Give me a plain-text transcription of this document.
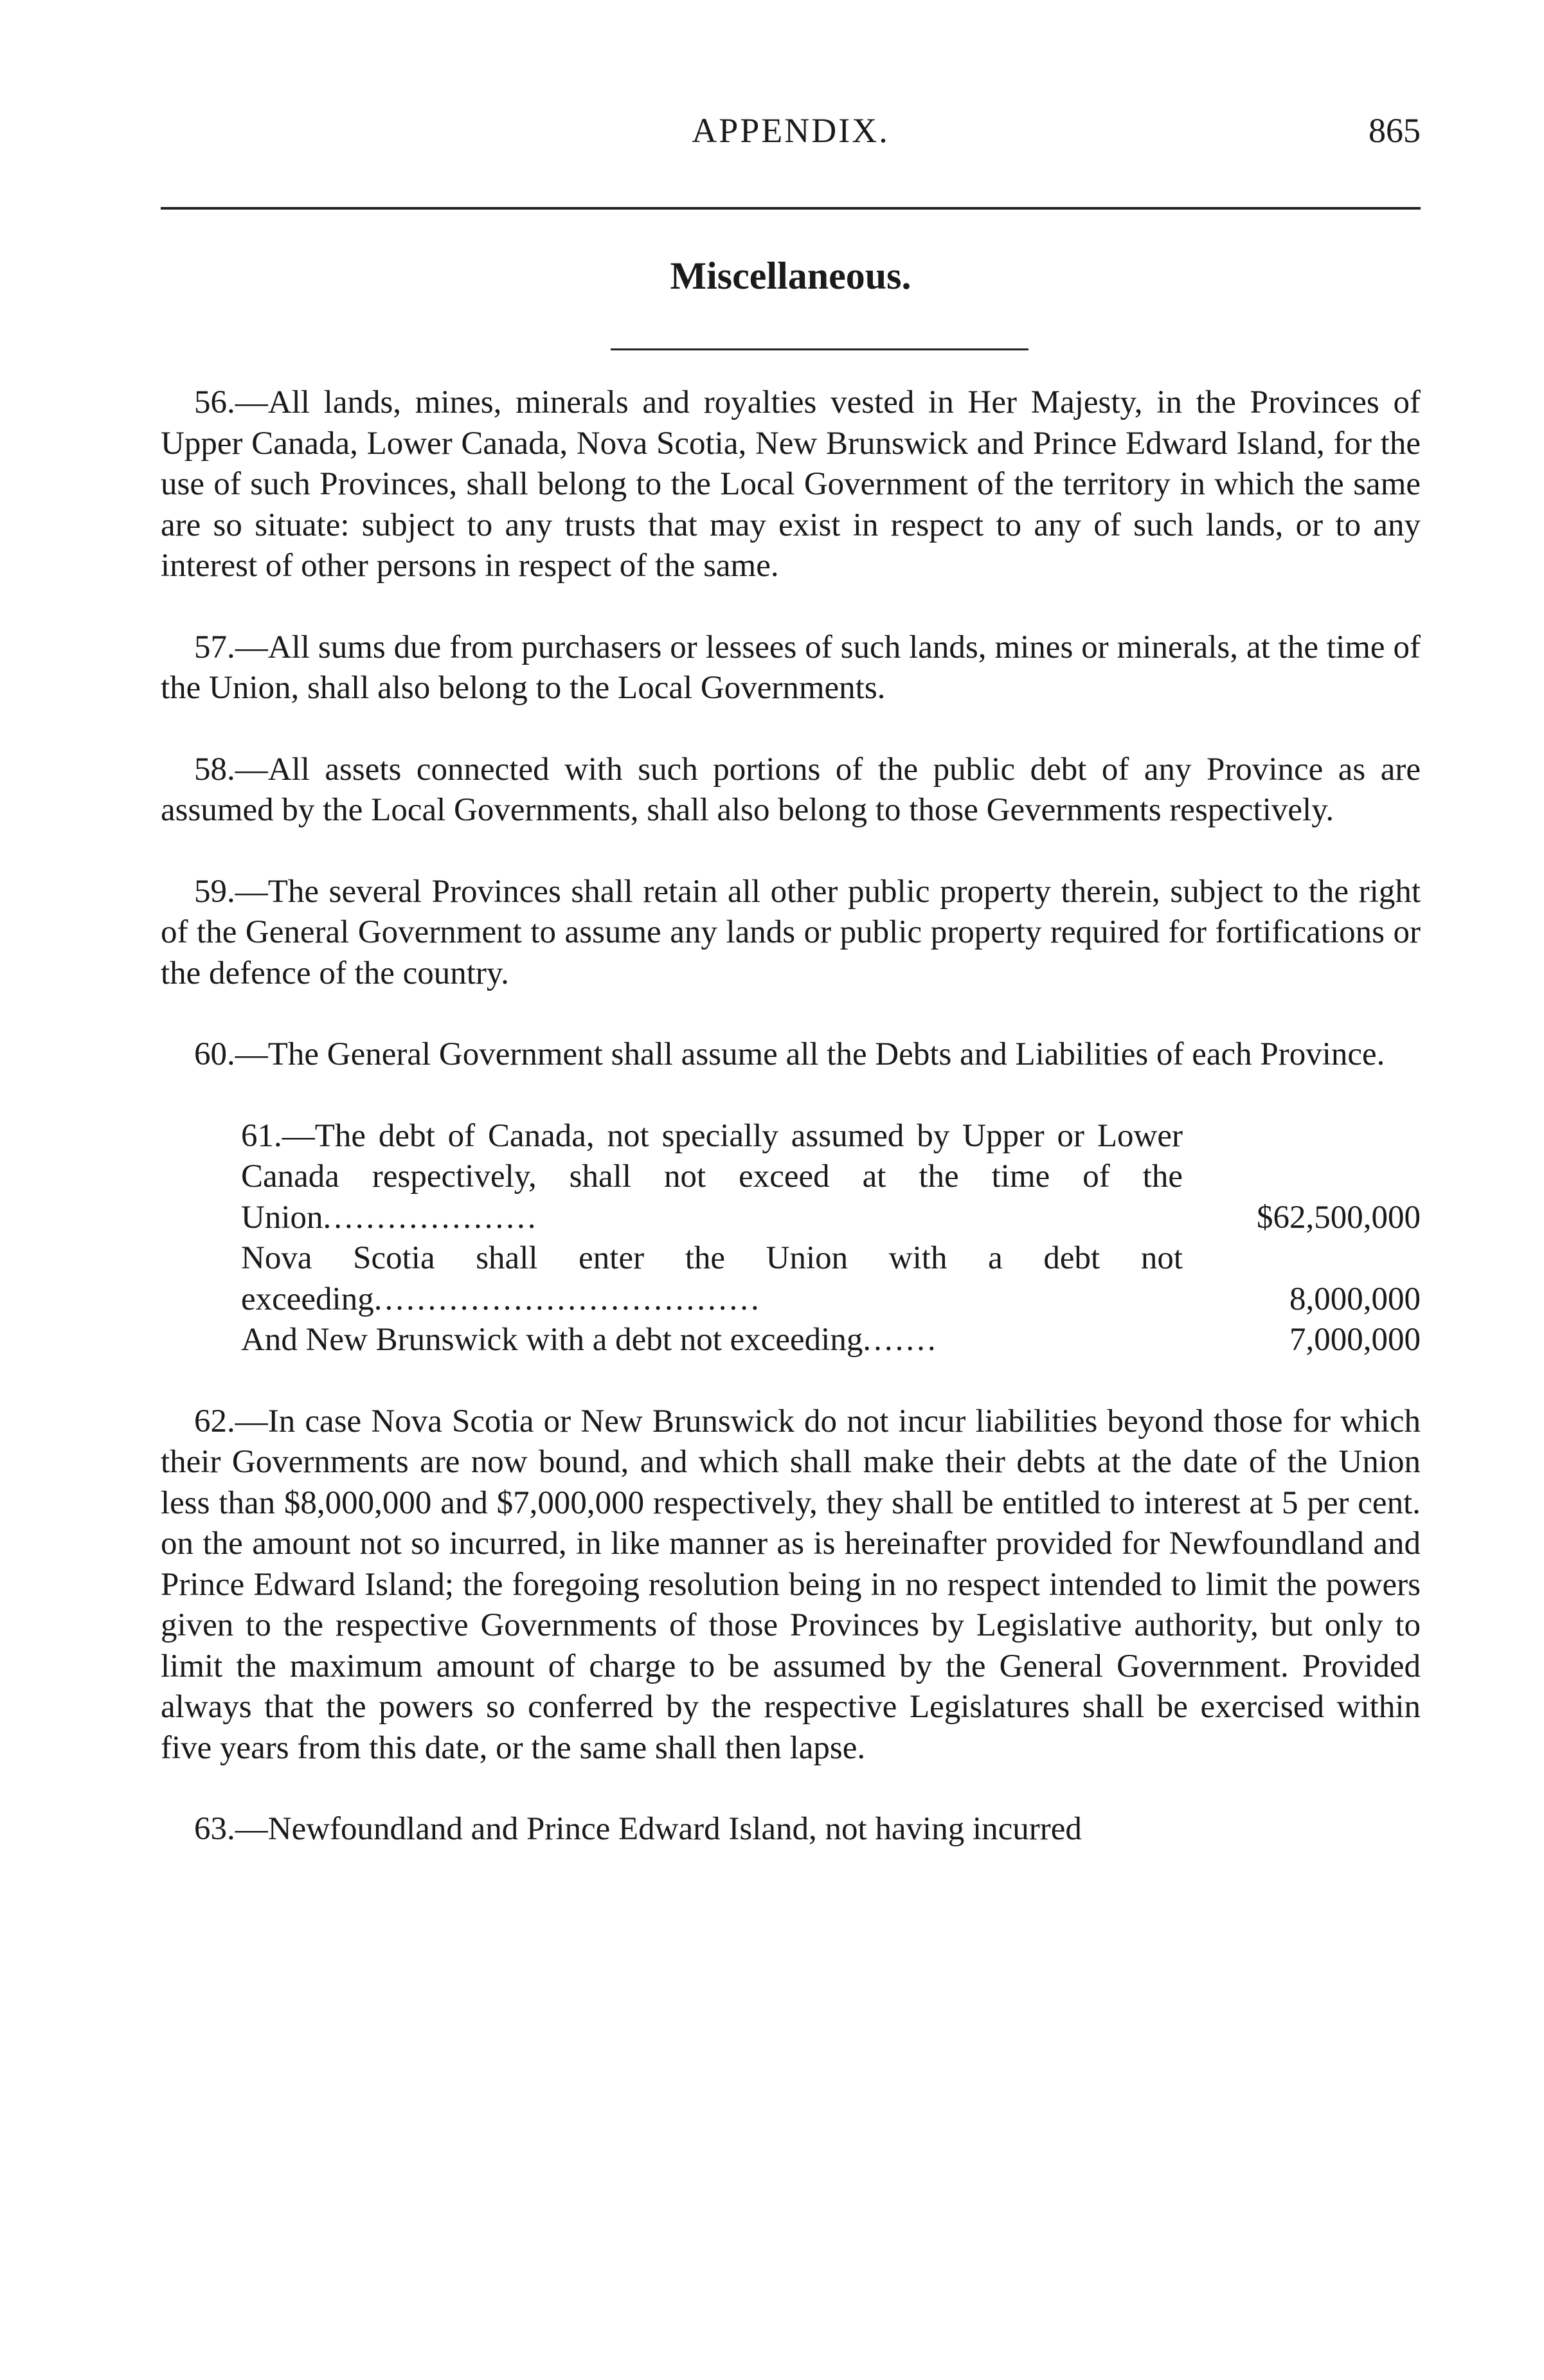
APPENDIX.	865
Miscellaneous.

56.—All lands, mines, minerals and royalties vested in Her Majesty, in the Provinces of Upper Canada, Lower Canada, Nova Scotia, New Brunswick and Prince Edward Island, for the use of such Provinces, shall belong to the Local Government of the territory in which the same are so situate: subject to any trusts that may exist in respect to any of such lands, or to any interest of other persons in respect of the same.

57.—All sums due from purchasers or lessees of such lands, mines or minerals, at the time of the Union, shall also belong to the Local Governments.

58.—All assets connected with such portions of the public debt of any Province as are assumed by the Local Governments, shall also belong to those Gevernments respectively.

59.—The several Provinces shall retain all other public property therein, subject to the right of the General Government to assume any lands or public property required for fortifications or the defence of the country.

60.—The General Government shall assume all the Debts and Liabilities of each Province.

61.—The debt of Canada, not specially assumed by Upper or Lower Canada respectively, shall not exceed at the time of the Union....................	$62,500,000
Nova Scotia shall enter the Union with a debt not exceeding....................................	8,000,000
And New Brunswick with a debt not exceeding.......	7,000,000

62.—In case Nova Scotia or New Brunswick do not incur liabilities beyond those for which their Governments are now bound, and which shall make their debts at the date of the Union less than $8,000,000 and $7,000,000 respectively, they shall be entitled to interest at 5 per cent. on the amount not so incurred, in like manner as is hereinafter provided for Newfoundland and Prince Edward Island; the foregoing resolution being in no respect intended to limit the powers given to the respective Governments of those Provinces by Legislative authority, but only to limit the maximum amount of charge to be assumed by the General Government. Provided always that the powers so conferred by the respective Legislatures shall be exercised within five years from this date, or the same shall then lapse.

63.—Newfoundland and Prince Edward Island, not having incurred
